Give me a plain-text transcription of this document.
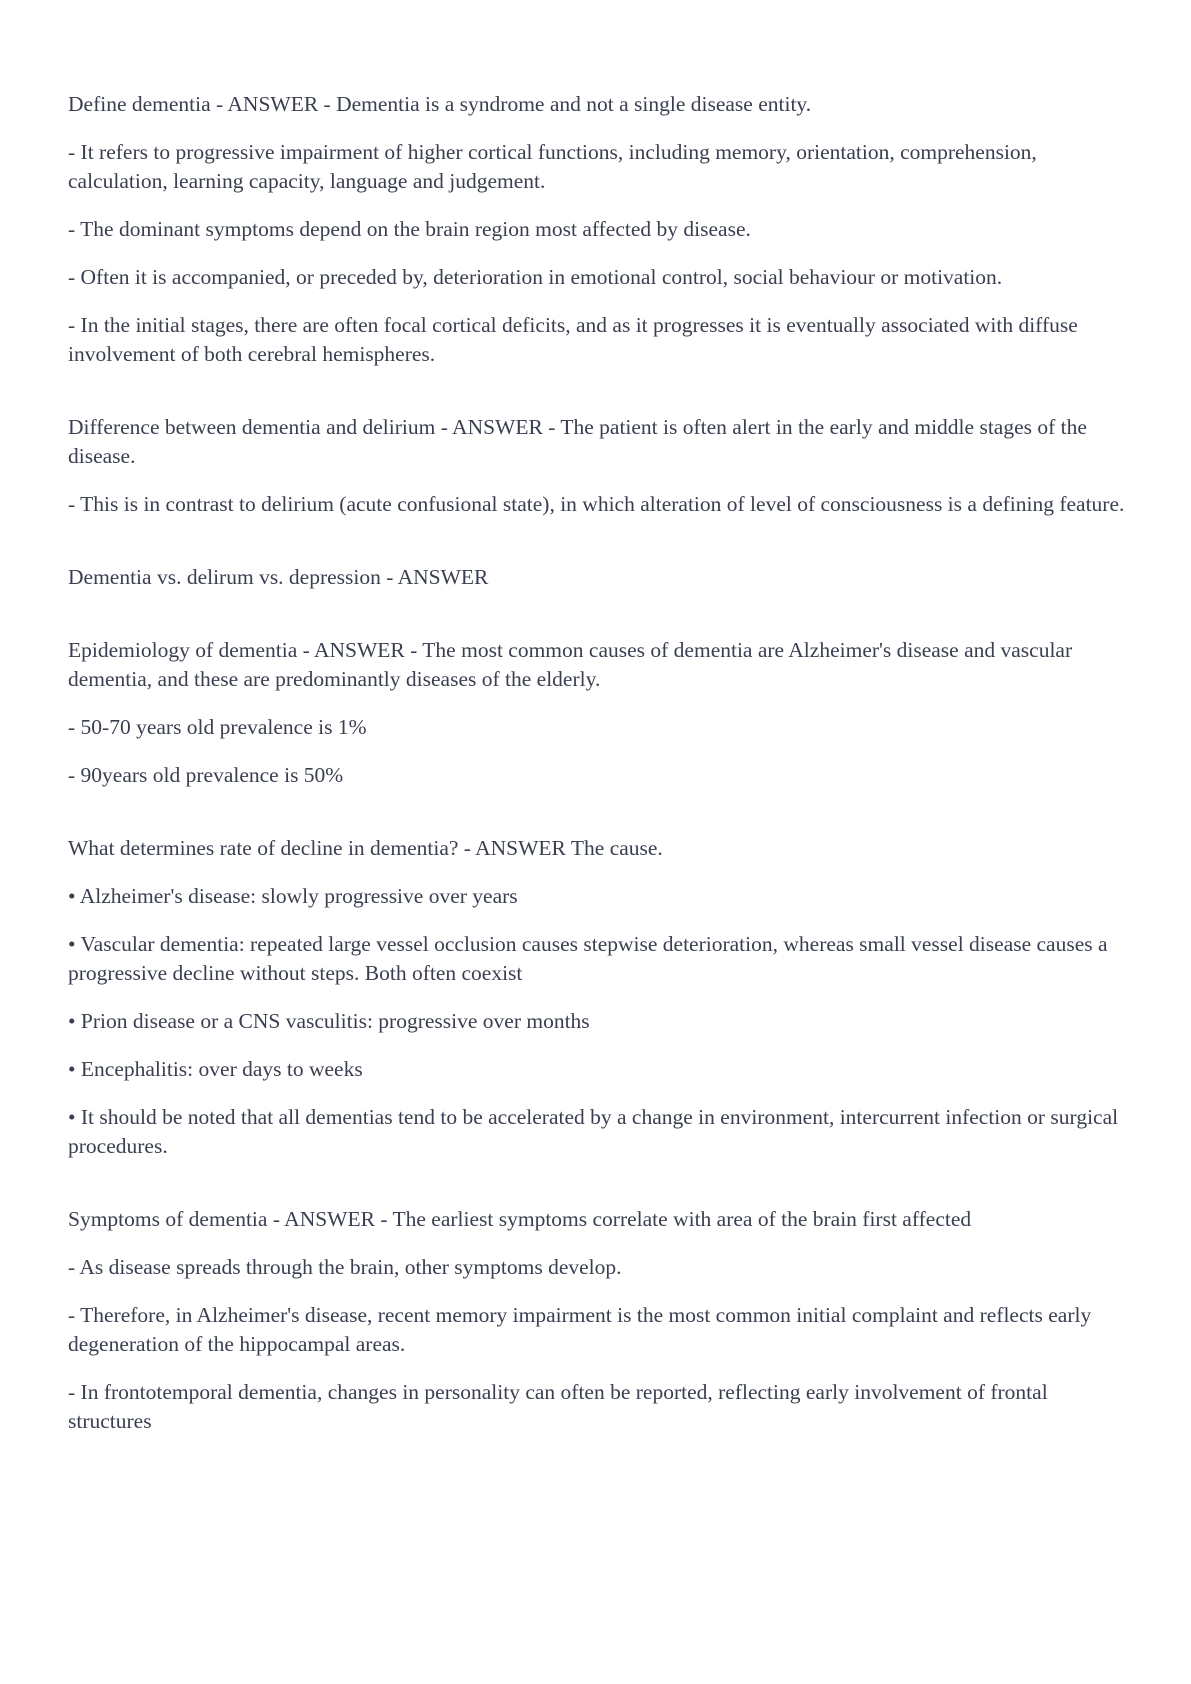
Define dementia - ANSWER - Dementia is a syndrome and not a single disease entity.

- It refers to progressive impairment of higher cortical functions, including memory, orientation, comprehension, calculation, learning capacity, language and judgement.

- The dominant symptoms depend on the brain region most affected by disease.

- Often it is accompanied, or preceded by, deterioration in emotional control, social behaviour or motivation.

- In the initial stages, there are often focal cortical deficits, and as it progresses it is eventually associated with diffuse involvement of both cerebral hemispheres.

Difference between dementia and delirium - ANSWER - The patient is often alert in the early and middle stages of the disease.

- This is in contrast to delirium (acute confusional state), in which alteration of level of consciousness is a defining feature.

Dementia vs. delirum vs. depression - ANSWER

Epidemiology of dementia - ANSWER - The most common causes of dementia are Alzheimer's disease and vascular dementia, and these are predominantly diseases of the elderly.

- 50-70 years old prevalence is 1%

- 90years old prevalence is 50%

What determines rate of decline in dementia? - ANSWER The cause.

• Alzheimer's disease: slowly progressive over years

• Vascular dementia: repeated large vessel occlusion causes stepwise deterioration, whereas small vessel disease causes a progressive decline without steps. Both often coexist

• Prion disease or a CNS vasculitis: progressive over months

• Encephalitis: over days to weeks

• It should be noted that all dementias tend to be accelerated by a change in environment, intercurrent infection or surgical procedures.

Symptoms of dementia - ANSWER - The earliest symptoms correlate with area of the brain first affected

- As disease spreads through the brain, other symptoms develop.

- Therefore, in Alzheimer's disease, recent memory impairment is the most common initial complaint and reflects early degeneration of the hippocampal areas.

- In frontotemporal dementia, changes in personality can often be reported, reflecting early involvement of frontal structures
